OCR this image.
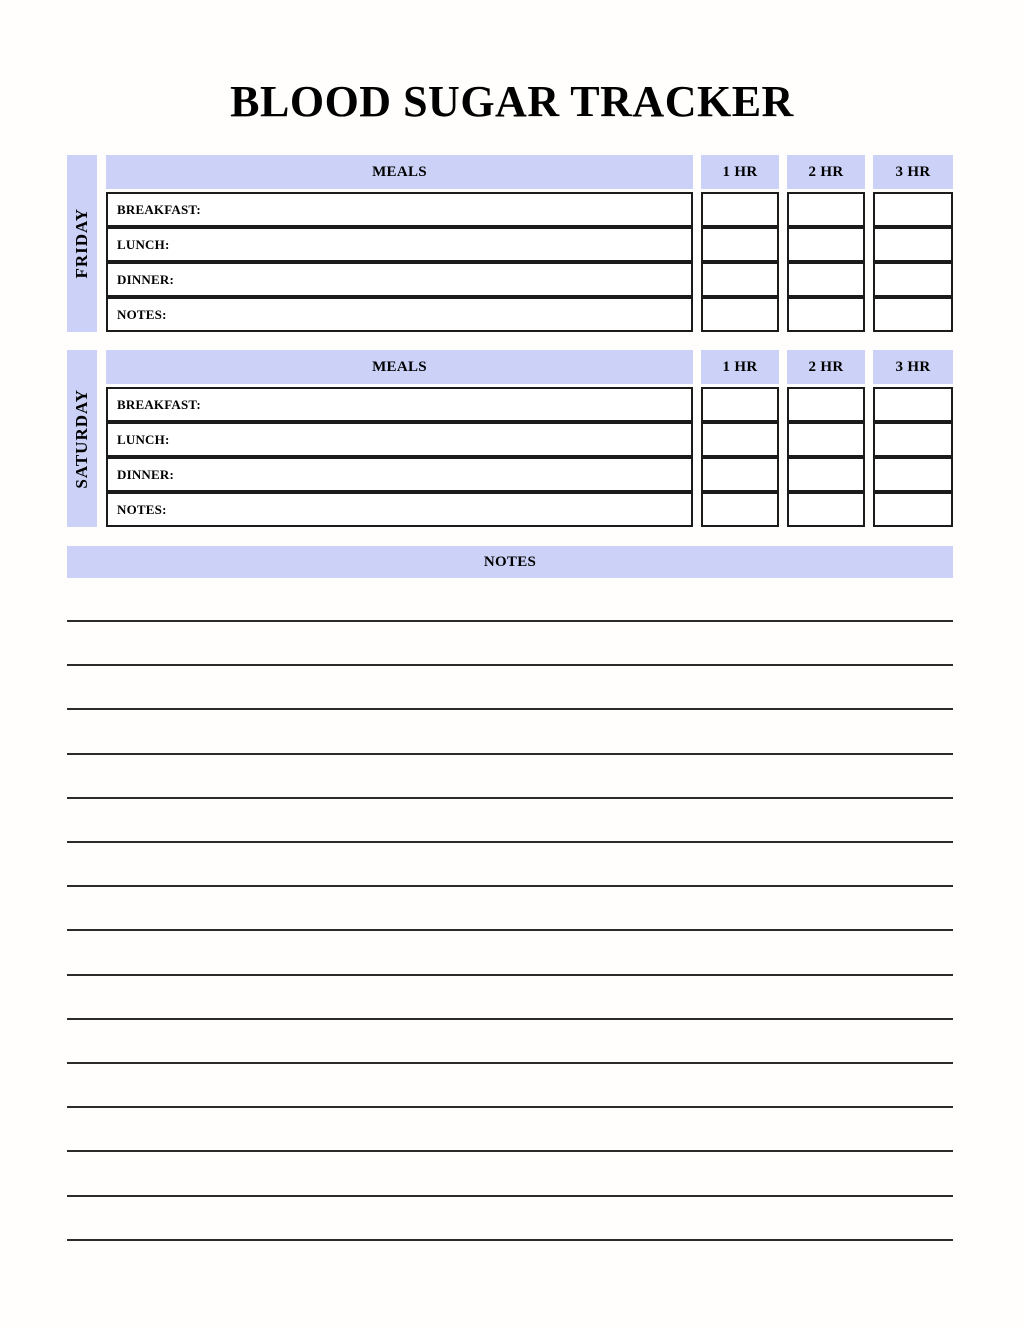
BLOOD SUGAR TRACKER
FRIDAY
MEALS	1 HR	2 HR	3 HR
BREAKFAST:
LUNCH:
DINNER:
NOTES:
SATURDAY
MEALS	1 HR	2 HR	3 HR
BREAKFAST:
LUNCH:
DINNER:
NOTES:
NOTES
